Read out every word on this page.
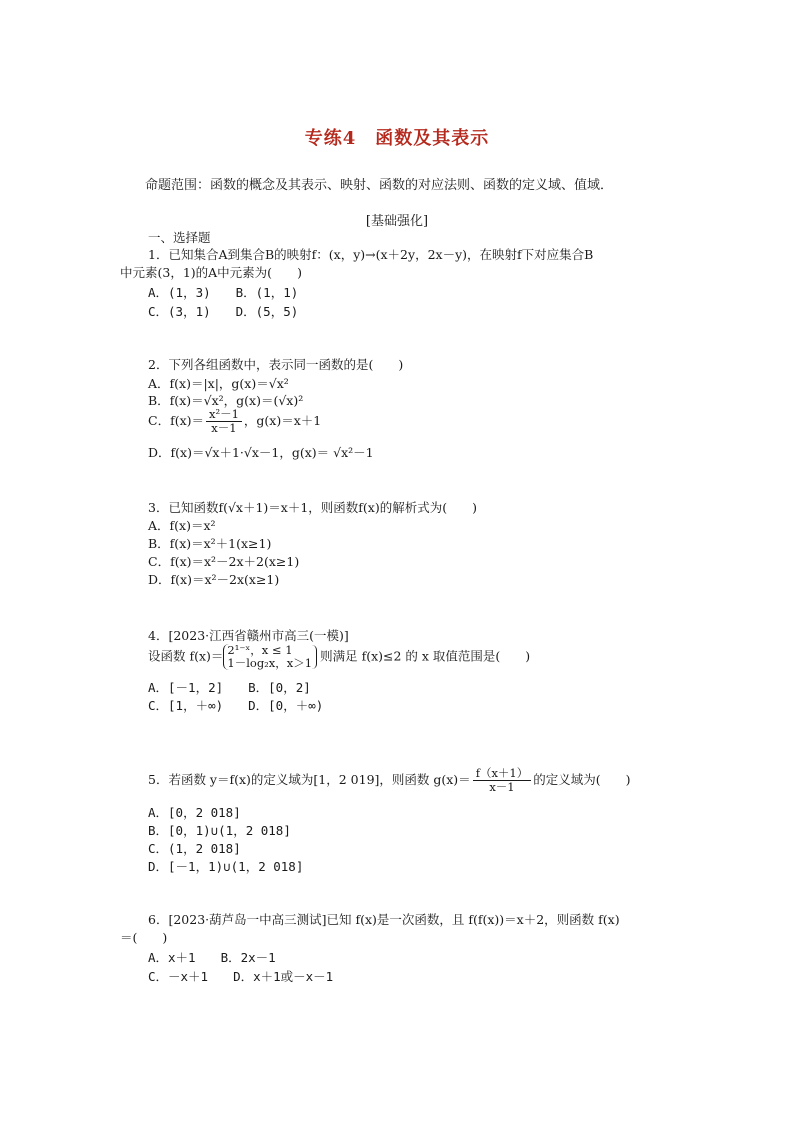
专练4　函数及其表示
命题范围：函数的概念及其表示、映射、函数的对应法则、函数的定义域、值域．
[基础强化]
一、选择题
1．已知集合A到集合B的映射f：(x，y)→(x＋2y，2x－y)，在映射f下对应集合B
中元素(3，1)的A中元素为(　　)
A．(1，3)　　B．(1，1)
C．(3，1)　　D．(5，5)
2．下列各组函数中，表示同一函数的是(　　)
A．f(x)＝|x|，g(x)＝√x²
B．f(x)＝√x²，g(x)＝(√x)²
C．$f(x)= \frac{\text{x²－1}}{x-1}$ ，g(x)＝x＋1
D．f(x)＝√x＋1·√x－1，g(x)＝ √x²－1
3．已知函数f(√x＋1)＝x＋1，则函数f(x)的解析式为(　　)
A．f(x)＝x²
B．f(x)＝x²＋1(x≥1)
C．f(x)＝x²－2x＋2(x≥1)
D．f(x)＝x²－2x(x≥1)
4．[2023·江西省赣州市高三(一模)]
设函数 f(x)＝ 2¹⁻ˣ，x ≤ 1
1－log₂x，x＞1 则满足 f(x)≤2 的 x 取值范围是(　　)
A．[－1，2]　　B．[0，2]
C．[1，＋∞)　　D．[0，＋∞)
5．若函数 y＝f(x)的定义域为[1，2 019]，则函数 $g(x)= \frac{f(x+1)}{x-1}$ 的定义域为(　　)
A．[0，2 018]
B．[0，1)∪(1，2 018]
C．(1，2 018]
D．[－1，1)∪(1，2 018]
6．[2023·葫芦岛一中高三测试]已知 f(x)是一次函数，且 f(f(x))＝x＋2，则函数 f(x)
＝(　　)
A．x＋1　　B．2x－1
C．－x＋1　　D．x＋1或－x－1
